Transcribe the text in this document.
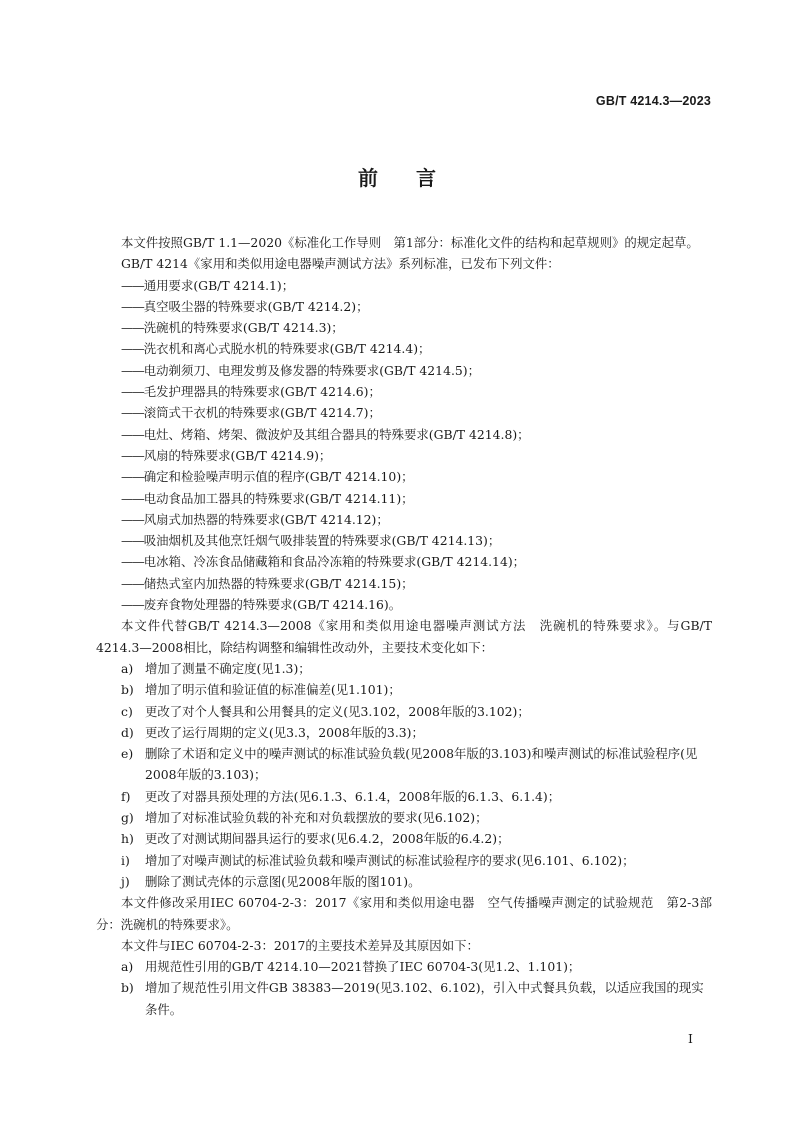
GB/T 4214.3—2023
前 言

本文件按照GB/T 1.1—2020《标准化工作导则　第1部分：标准化文件的结构和起草规则》的规定起草。

GB/T 4214《家用和类似用途电器噪声测试方法》系列标准，已发布下列文件：

——通用要求(GB/T 4214.1)；
——真空吸尘器的特殊要求(GB/T 4214.2)；
——洗碗机的特殊要求(GB/T 4214.3)；
——洗衣机和离心式脱水机的特殊要求(GB/T 4214.4)；
——电动剃须刀、电理发剪及修发器的特殊要求(GB/T 4214.5)；
——毛发护理器具的特殊要求(GB/T 4214.6)；
——滚筒式干衣机的特殊要求(GB/T 4214.7)；
——电灶、烤箱、烤架、微波炉及其组合器具的特殊要求(GB/T 4214.8)；
——风扇的特殊要求(GB/T 4214.9)；
——确定和检验噪声明示值的程序(GB/T 4214.10)；
——电动食品加工器具的特殊要求(GB/T 4214.11)；
——风扇式加热器的特殊要求(GB/T 4214.12)；
——吸油烟机及其他烹饪烟气吸排装置的特殊要求(GB/T 4214.13)；
——电冰箱、冷冻食品储藏箱和食品冷冻箱的特殊要求(GB/T 4214.14)；
——储热式室内加热器的特殊要求(GB/T 4214.15)；
——废弃食物处理器的特殊要求(GB/T 4214.16)。

本文件代替GB/T 4214.3—2008《家用和类似用途电器噪声测试方法　洗碗机的特殊要求》。与GB/T 4214.3—2008相比，除结构调整和编辑性改动外，主要技术变化如下：

a) 增加了测量不确定度(见1.3)；
b) 增加了明示值和验证值的标准偏差(见1.101)；
c) 更改了对个人餐具和公用餐具的定义(见3.102，2008年版的3.102)；
d) 更改了运行周期的定义(见3.3，2008年版的3.3)；
e) 删除了术语和定义中的噪声测试的标准试验负载(见2008年版的3.103)和噪声测试的标准试验程序(见2008年版的3.103)；
f) 更改了对器具预处理的方法(见6.1.3、6.1.4，2008年版的6.1.3、6.1.4)；
g) 增加了对标准试验负载的补充和对负载摆放的要求(见6.102)；
h) 更改了对测试期间器具运行的要求(见6.4.2，2008年版的6.4.2)；
i) 增加了对噪声测试的标准试验负载和噪声测试的标准试验程序的要求(见6.101、6.102)；
j) 删除了测试壳体的示意图(见2008年版的图101)。

本文件修改采用IEC 60704-2-3：2017《家用和类似用途电器　空气传播噪声测定的试验规范　第2-3部分：洗碗机的特殊要求》。

本文件与IEC 60704-2-3：2017的主要技术差异及其原因如下：

a) 用规范性引用的GB/T 4214.10—2021替换了IEC 60704-3(见1.2、1.101)；
b) 增加了规范性引用文件GB 38383—2019(见3.102、6.102)，引入中式餐具负载，以适应我国的现实条件。
I
